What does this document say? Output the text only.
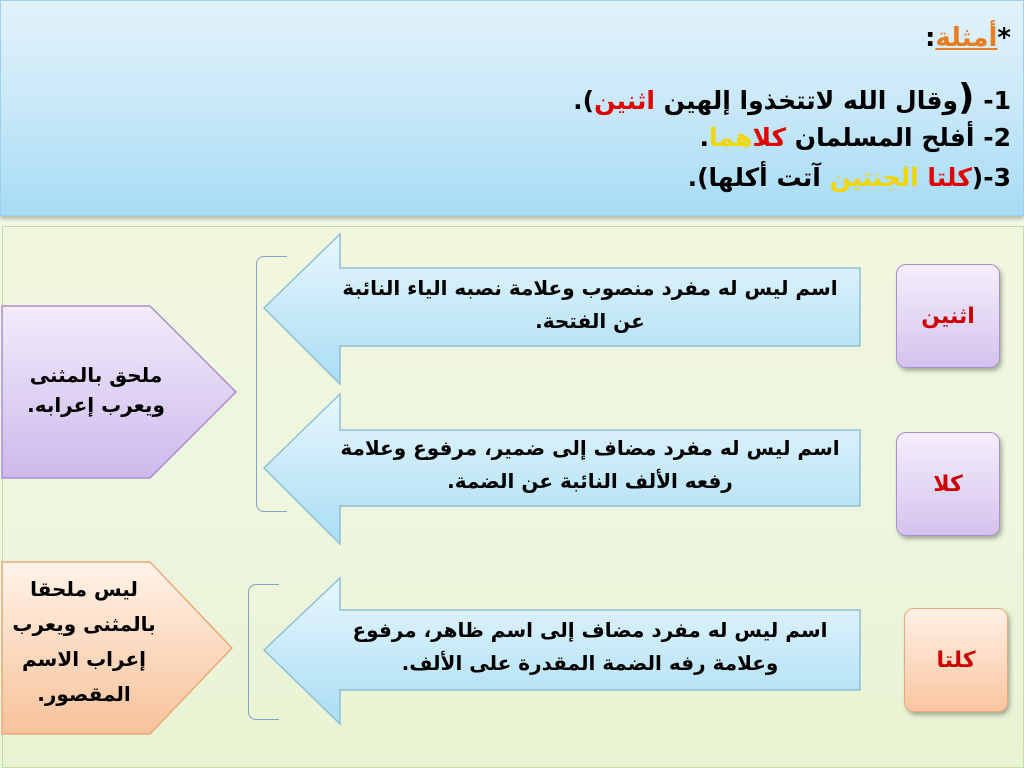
*أمثلة:
1- (وقال الله لاتتخذوا إلهين اثنين).
2- أفلح المسلمان كلاهما.
3-(كلتا الجنتين آتت أكلها).
ملحق بالمثنى ويعرب إعرابه.
ليس ملحقا بالمثنى ويعرب إعراب الاسم المقصور.
اسم ليس له مفرد منصوب وعلامة نصبه الياء النائبة عن الفتحة.
اسم ليس له مفرد مضاف إلى ضمير، مرفوع وعلامة رفعه الألف النائبة عن الضمة.
اسم ليس له مفرد مضاف إلى اسم ظاهر، مرفوع وعلامة رفه الضمة المقدرة على الألف.
اثنين
كلا
كلتا
